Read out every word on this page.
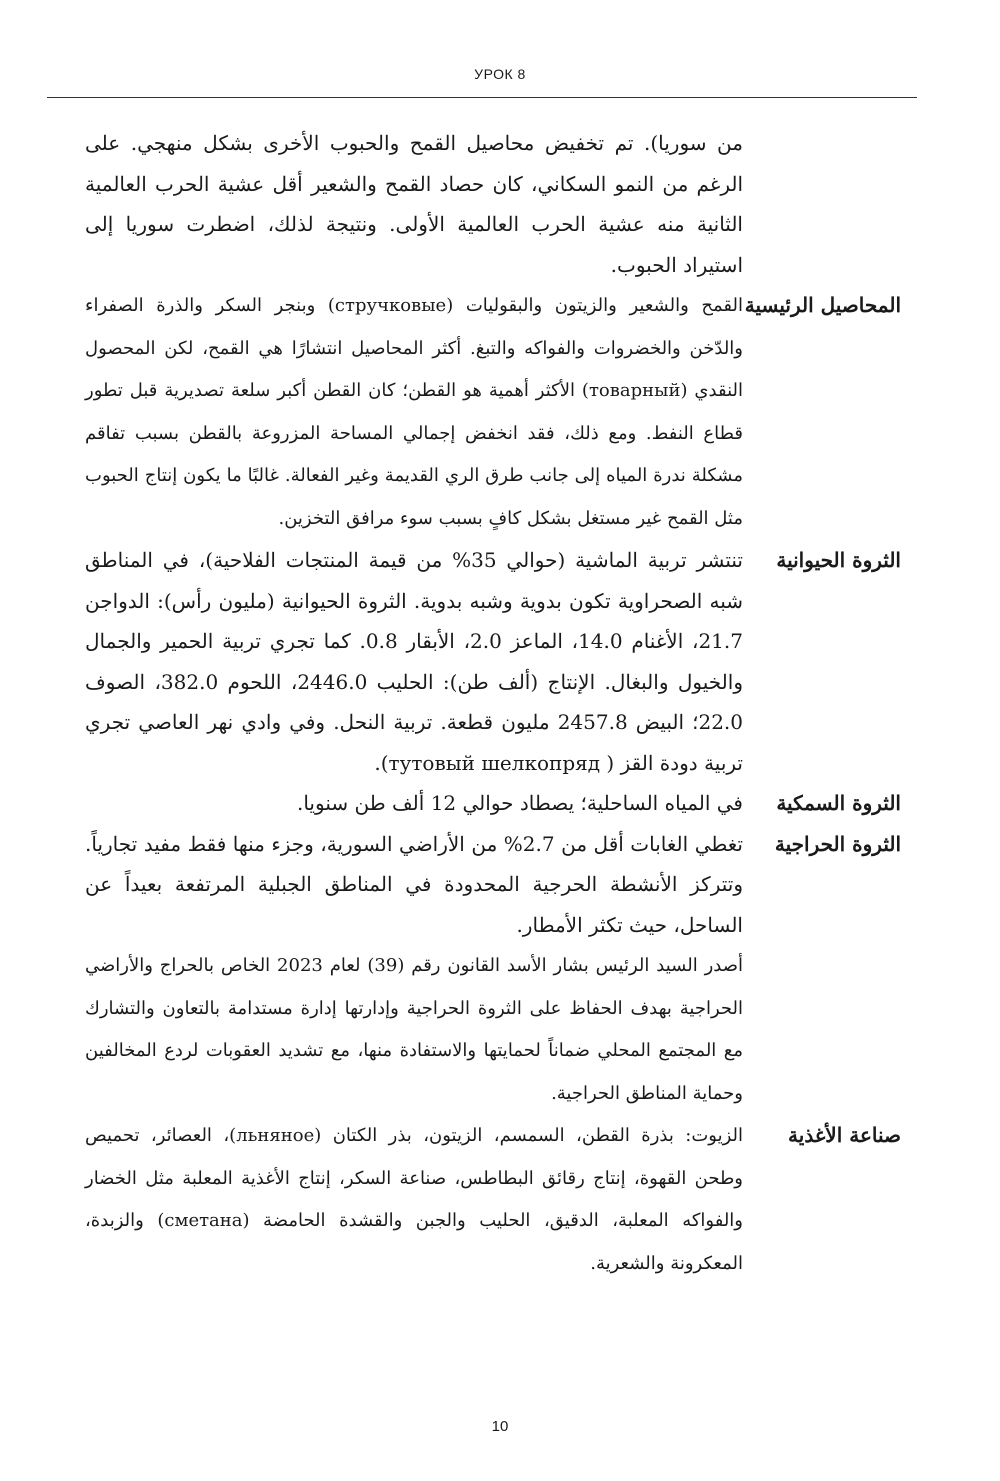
УРОК 8
من سوريا). تم تخفيض محاصيل القمح والحبوب الأخرى بشكل منهجي. على الرغم من النمو السكاني، كان حصاد القمح والشعير أقل عشية الحرب العالمية الثانية منه عشية الحرب العالمية الأولى. ونتيجة لذلك، اضطرت سوريا إلى استيراد الحبوب.
المحاصيل الرئيسية
القمح والشعير والزيتون والبقوليات (стручковые) وبنجر السكر والذرة الصفراء والدّخن والخضروات والفواكه والتبغ. أكثر المحاصيل انتشارًا هي القمح، لكن المحصول النقدي (товарный) الأكثر أهمية هو القطن؛ كان القطن أكبر سلعة تصديرية قبل تطور قطاع النفط. ومع ذلك، فقد انخفض إجمالي المساحة المزروعة بالقطن بسبب تفاقم مشكلة ندرة المياه إلى جانب طرق الري القديمة وغير الفعالة. غالبًا ما يكون إنتاج الحبوب مثل القمح غير مستغل بشكل كافٍ بسبب سوء مرافق التخزين.
الثروة الحيوانية
تنتشر تربية الماشية (حوالي 35% من قيمة المنتجات الفلاحية)، في المناطق شبه الصحراوية تكون بدوية وشبه بدوية. الثروة الحيوانية (مليون رأس): الدواجن 21.7، الأغنام 14.0، الماعز 2.0، الأبقار 0.8. كما تجري تربية الحمير والجمال والخيول والبغال. الإنتاج (ألف طن): الحليب 2446.0، اللحوم 382.0، الصوف 22.0؛ البيض 2457.8 مليون قطعة. تربية النحل. وفي وادي نهر العاصي تجري تربية دودة القز ( тутовый шелкопряд).
الثروة السمكية
في المياه الساحلية؛ يصطاد حوالي 12 ألف طن سنويا.
الثروة الحراجية
تغطي الغابات أقل من 2.7% من الأراضي السورية، وجزء منها فقط مفيد تجارياً. وتتركز الأنشطة الحرجية المحدودة في المناطق الجبلية المرتفعة بعيداً عن الساحل، حيث تكثر الأمطار.
أصدر السيد الرئيس بشار الأسد القانون رقم (39) لعام 2023 الخاص بالحراج والأراضي الحراجية بهدف الحفاظ على الثروة الحراجية وإدارتها إدارة مستدامة بالتعاون والتشارك مع المجتمع المحلي ضماناً لحمايتها والاستفادة منها، مع تشديد العقوبات لردع المخالفين وحماية المناطق الحراجية.
صناعة الأغذية
الزيوت: بذرة القطن، السمسم، الزيتون، بذر الكتان (льняное)، العصائر، تحميص وطحن القهوة، إنتاج رقائق البطاطس، صناعة السكر، إنتاج الأغذية المعلبة مثل الخضار والفواكه المعلبة، الدقيق، الحليب والجبن والقشدة الحامضة (сметана) والزبدة، المعكرونة والشعرية.
10
